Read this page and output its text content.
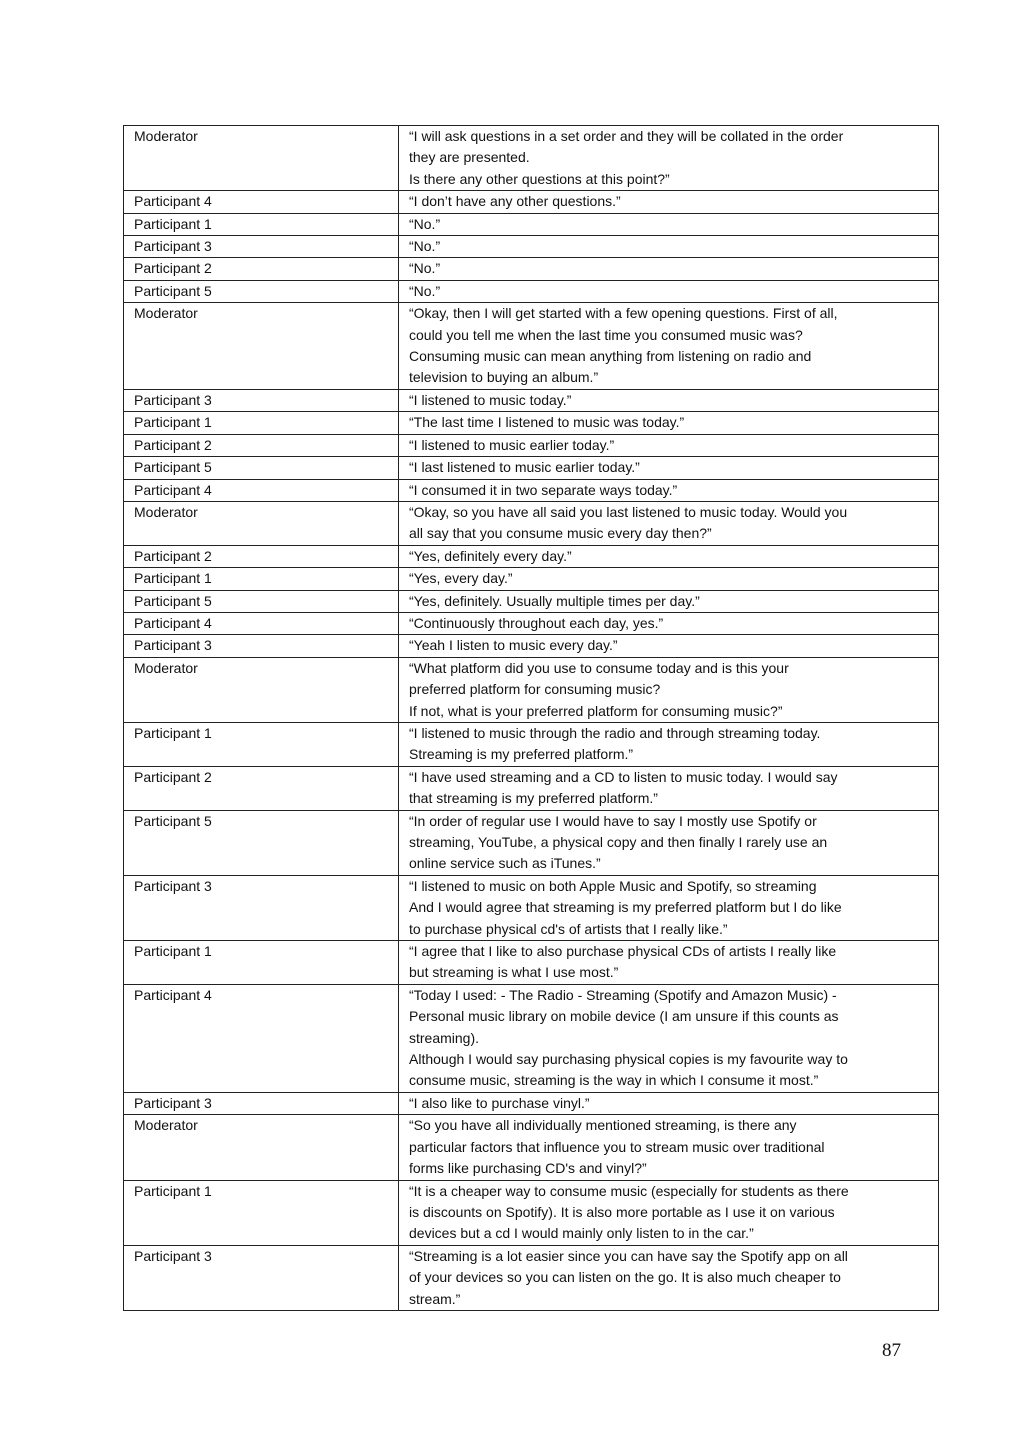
Moderator	“I will ask questions in a set order and they will be collated in the order
they are presented.
Is there any other questions at this point?”

Participant 4	“I don’t have any other questions.”

Participant 1	“No.”

Participant 3	“No.”

Participant 2	“No.”

Participant 5	“No.”

Moderator	“Okay, then I will get started with a few opening questions. First of all,
could you tell me when the last time you consumed music was?
Consuming music can mean anything from listening on radio and
television to buying an album.”

Participant 3	“I listened to music today.”

Participant 1	“The last time I listened to music was today.”

Participant 2	“I listened to music earlier today.”

Participant 5	“I last listened to music earlier today.”

Participant 4	“I consumed it in two separate ways today.”

Moderator	“Okay, so you have all said you last listened to music today. Would you
all say that you consume music every day then?”

Participant 2	“Yes, definitely every day.”

Participant 1	“Yes, every day.”

Participant 5	“Yes, definitely. Usually multiple times per day.”

Participant 4	“Continuously throughout each day, yes.”

Participant 3	“Yeah I listen to music every day.”

Moderator	“What platform did you use to consume today and is this your
preferred platform for consuming music?
If not, what is your preferred platform for consuming music?”

Participant 1	“I listened to music through the radio and through streaming today.
Streaming is my preferred platform.”

Participant 2	“I have used streaming and a CD to listen to music today. I would say
that streaming is my preferred platform.”

Participant 5	“In order of regular use I would have to say I mostly use Spotify or
streaming, YouTube, a physical copy and then finally I rarely use an
online service such as iTunes.”

Participant 3	“I listened to music on both Apple Music and Spotify, so streaming
And I would agree that streaming is my preferred platform but I do like
to purchase physical cd's of artists that I really like.”

Participant 1	“I agree that I like to also purchase physical CDs of artists I really like
but streaming is what I use most.”

Participant 4	“Today I used: - The Radio - Streaming (Spotify and Amazon Music) -
Personal music library on mobile device (I am unsure if this counts as
streaming).
Although I would say purchasing physical copies is my favourite way to
consume music, streaming is the way in which I consume it most.”

Participant 3	“I also like to purchase vinyl.”

Moderator	“So you have all individually mentioned streaming, is there any
particular factors that influence you to stream music over traditional
forms like purchasing CD's and vinyl?”

Participant 1	“It is a cheaper way to consume music (especially for students as there
is discounts on Spotify). It is also more portable as I use it on various
devices but a cd I would mainly only listen to in the car.”

Participant 3	“Streaming is a lot easier since you can have say the Spotify app on all
of your devices so you can listen on the go. It is also much cheaper to
stream.”
87
